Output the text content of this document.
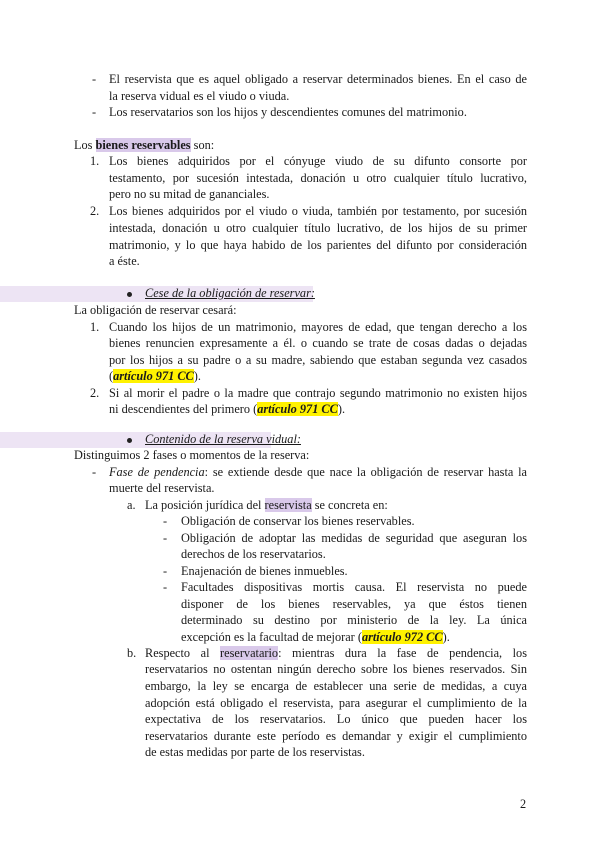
- El reservista que es aquel obligado a reservar determinados bienes. En el caso de
la reserva vidual es el viudo o viuda.
- Los reservatarios son los hijos y descendientes comunes del matrimonio.
Los bienes reservables son:
1. Los bienes adquiridos por el cónyuge viudo de su difunto consorte por
testamento, por sucesión intestada, donación u otro cualquier título lucrativo,
pero no su mitad de gananciales.
2. Los bienes adquiridos por el viudo o viuda, también por testamento, por sucesión
intestada, donación u otro cualquier título lucrativo, de los hijos de su primer
matrimonio, y lo que haya habido de los parientes del difunto por consideración
a éste.
Cese de la obligación de reservar:
La obligación de reservar cesará:
1. Cuando los hijos de un matrimonio, mayores de edad, que tengan derecho a los
bienes renuncien expresamente a él. o cuando se trate de cosas dadas o dejadas
por los hijos a su padre o a su madre, sabiendo que estaban segunda vez casados
(artículo 971 CC).
2. Si al morir el padre o la madre que contrajo segundo matrimonio no existen hijos
ni descendientes del primero (artículo 971 CC).
Contenido de la reserva vidual:
Distinguimos 2 fases o momentos de la reserva:
- Fase de pendencia: se extiende desde que nace la obligación de reservar hasta la
muerte del reservista.
a. La posición jurídica del reservista se concreta en:
- Obligación de conservar los bienes reservables.
- Obligación de adoptar las medidas de seguridad que aseguran los
derechos de los reservatarios.
- Enajenación de bienes inmuebles.
- Facultades dispositivas mortis causa. El reservista no puede
disponer de los bienes reservables, ya que éstos tienen
determinado su destino por ministerio de la ley. La única
excepción es la facultad de mejorar (artículo 972 CC).
b. Respecto al reservatario: mientras dura la fase de pendencia, los
reservatarios no ostentan ningún derecho sobre los bienes reservados. Sin
embargo, la ley se encarga de establecer una serie de medidas, a cuya
adopción está obligado el reservista, para asegurar el cumplimiento de la
expectativa de los reservatarios. Lo único que pueden hacer los
reservatarios durante este período es demandar y exigir el cumplimiento
de estas medidas por parte de los reservistas.
2
